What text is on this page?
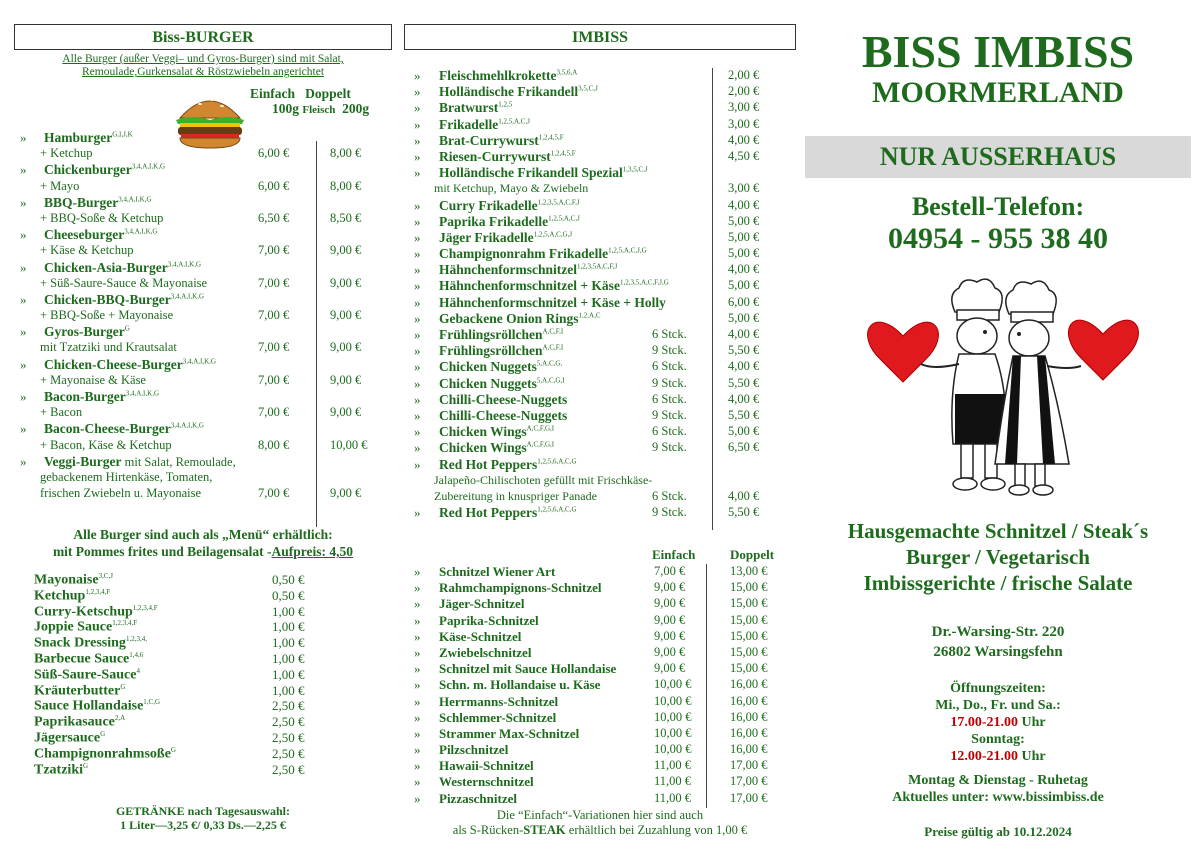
Biss-BURGER
Alle Burger (außer Veggi– und Gyros-Burger) sind mit Salat,
Remoulade,Gurkensalat & Röstzwiebeln angerichtet
Einfach Doppelt
100g Fleisch 200g
» Hamburger$^{G,I,J,K}$
+ Ketchup	6,00 €	8,00 €
» Chickenburger$^{3,4,A,I,K,G}$
+ Mayo	6,00 €	8,00 €
» BBQ-Burger$^{3,4,A,I,K,G}$
+ BBQ-Soße & Ketchup	6,50 €	8,50 €
» Cheeseburger$^{3,4,A,I,K,G}$
+ Käse & Ketchup	7,00 €	9,00 €
» Chicken-Asia-Burger$^{3,4,A,I,K,G}$
+ Süß-Saure-Sauce & Mayonaise	7,00 €	9,00 €
» Chicken-BBQ-Burger$^{3,4,A,I,K,G}$
+ BBQ-Soße + Mayonaise	7,00 €	9,00 €
» Gyros-Burger$^G$
mit Tzatziki und Krautsalat	7,00 €	9,00 €
» Chicken-Cheese-Burger$^{3,4,A,I,K,G}$
+ Mayonaise & Käse	7,00 €	9,00 €
» Bacon-Burger$^{3,4,A,I,K,G}$
+ Bacon	7,00 €	9,00 €
» Bacon-Cheese-Burger$^{3,4,A,I,K,G}$
+ Bacon, Käse & Ketchup	8,00 €	10,00 €
» Veggi-Burger mit Salat, Remoulade,
gebackenem Hirtenkäse, Tomaten,
frischen Zwiebeln u. Mayonaise	7,00 €	9,00 €
Alle Burger sind auch als „Menü“ erhältlich:
mit Pommes frites und Beilagensalat -Aufpreis: 4,50
Mayonaise$^{3,C,J}$	0,50 €
Ketchup$^{1,2,3,4,F}$	0,50 €
Curry-Ketschup$^{1,2,3,4,F}$	1,00 €
Joppie Sauce$^{1,2,3,4,F}$	1,00 €
Snack Dressing$^{1,2,3,4,}$	1,00 €
Barbecue Sauce$^{1,4,6}$	1,00 €
Süß-Saure-Sauce$^4$	1,00 €
Kräuterbutter$^G$	1,00 €
Sauce Hollandaise$^{1,C,G}$	2,50 €
Paprikasauce$^{2,A}$	2,50 €
Jägersauce$^G$	2,50 €
Champignonrahmsoße$^G$	2,50 €
Tzatziki$^G$	2,50 €
GETRÄNKE nach Tagesauswahl:
1 Liter—3,25 €/ 0,33 Ds.—2,25 €
IMBISS
» Fleischmehlkrokette$^{3,5,6,A}$	2,00 €
» Holländische Frikandell$^{3,5,C,J}$	2,00 €
» Bratwurst$^{1,2,5}$	3,00 €
» Frikadelle$^{1,2,5,A,C,J}$	3,00 €
» Brat-Currywurst$^{1,2,4,5,F}$	4,00 €
» Riesen-Currywurst$^{1,2,4,5,F}$	4,50 €
» Holländische Frikandell Spezial$^{1,3,5,C,J}$
mit Ketchup, Mayo & Zwiebeln	3,00 €
» Curry Frikadelle$^{1,2,3,5,A,C,F,J}$	4,00 €
» Paprika Frikadelle$^{1,2,5,A,C,J}$	5,00 €
» Jäger Frikadelle$^{1,2,5,A,C,G,J}$	5,00 €
» Champignonrahm Frikadelle$^{1,2,5,A,C,J,G}$	5,00 €
» Hähnchenformschnitzel$^{1,2,3,5A,C,F,J}$	4,00 €
» Hähnchenformschnitzel + Käse$^{1,2,3,5,A,C,F,J,G}$	5,00 €
» Hähnchenformschnitzel + Käse + Holly	6,00 €
» Gebackene Onion Rings$^{1,2,A,C}$	5,00 €
» Frühlingsröllchen$^{A,C,F,I}$	6 Stck.	4,00 €
» Frühlingsröllchen$^{A,C,F,I}$	9 Stck.	5,50 €
» Chicken Nuggets$^{5,A,C,G,}$	6 Stck.	4,00 €
» Chicken Nuggets$^{5,A,C,G,I}$	9 Stck.	5,50 €
» Chilli-Cheese-Nuggets	6 Stck.	4,00 €
» Chilli-Cheese-Nuggets	9 Stck.	5,50 €
» Chicken Wings$^{A,C,F,G,I}$	6 Stck.	5,00 €
» Chicken Wings$^{A,C,F,G,I}$	9 Stck.	6,50 €
» Red Hot Peppers$^{1,2,5,6,A,C,G}$
Jalapeño-Chilischoten gefüllt mit Frischkäse-
Zubereitung in knuspriger Panade	6 Stck.	4,00 €
» Red Hot Peppers$^{1,2,5,6,A,C,G}$	9 Stck.	5,50 €
Einfach	Doppelt
» Schnitzel Wiener Art	7,00 €	13,00 €
» Rahmchampignons-Schnitzel	9,00 €	15,00 €
» Jäger-Schnitzel	9,00 €	15,00 €
» Paprika-Schnitzel	9,00 €	15,00 €
» Käse-Schnitzel	9,00 €	15,00 €
» Zwiebelschnitzel	9,00 €	15,00 €
» Schnitzel mit Sauce Hollandaise	9,00 €	15,00 €
» Schn. m. Hollandaise u. Käse	10,00 €	16,00 €
» Herrmanns-Schnitzel	10,00 €	16,00 €
» Schlemmer-Schnitzel	10,00 €	16,00 €
» Strammer Max-Schnitzel	10,00 €	16,00 €
» Pilzschnitzel	10,00 €	16,00 €
» Hawaii-Schnitzel	11,00 €	17,00 €
» Westernschnitzel	11,00 €	17,00 €
» Pizzaschnitzel	11,00 €	17,00 €
Die “Einfach“-Variationen hier sind auch
als S-Rücken-STEAK erhältlich bei Zuzahlung von 1,00 €
BISS IMBISS
MOORMERLAND
NUR AUSSERHAUS
Bestell-Telefon:
04954 - 955 38 40
Hausgemachte Schnitzel / Steak´s
Burger / Vegetarisch
Imbissgerichte / frische Salate
Dr.-Warsing-Str. 220
26802 Warsingsfehn
Öffnungszeiten:
Mi., Do., Fr. und Sa.:
17.00-21.00 Uhr
Sonntag:
12.00-21.00 Uhr
Montag & Dienstag - Ruhetag
Aktuelles unter: www.bissimbiss.de
Preise gültig ab 10.12.2024
